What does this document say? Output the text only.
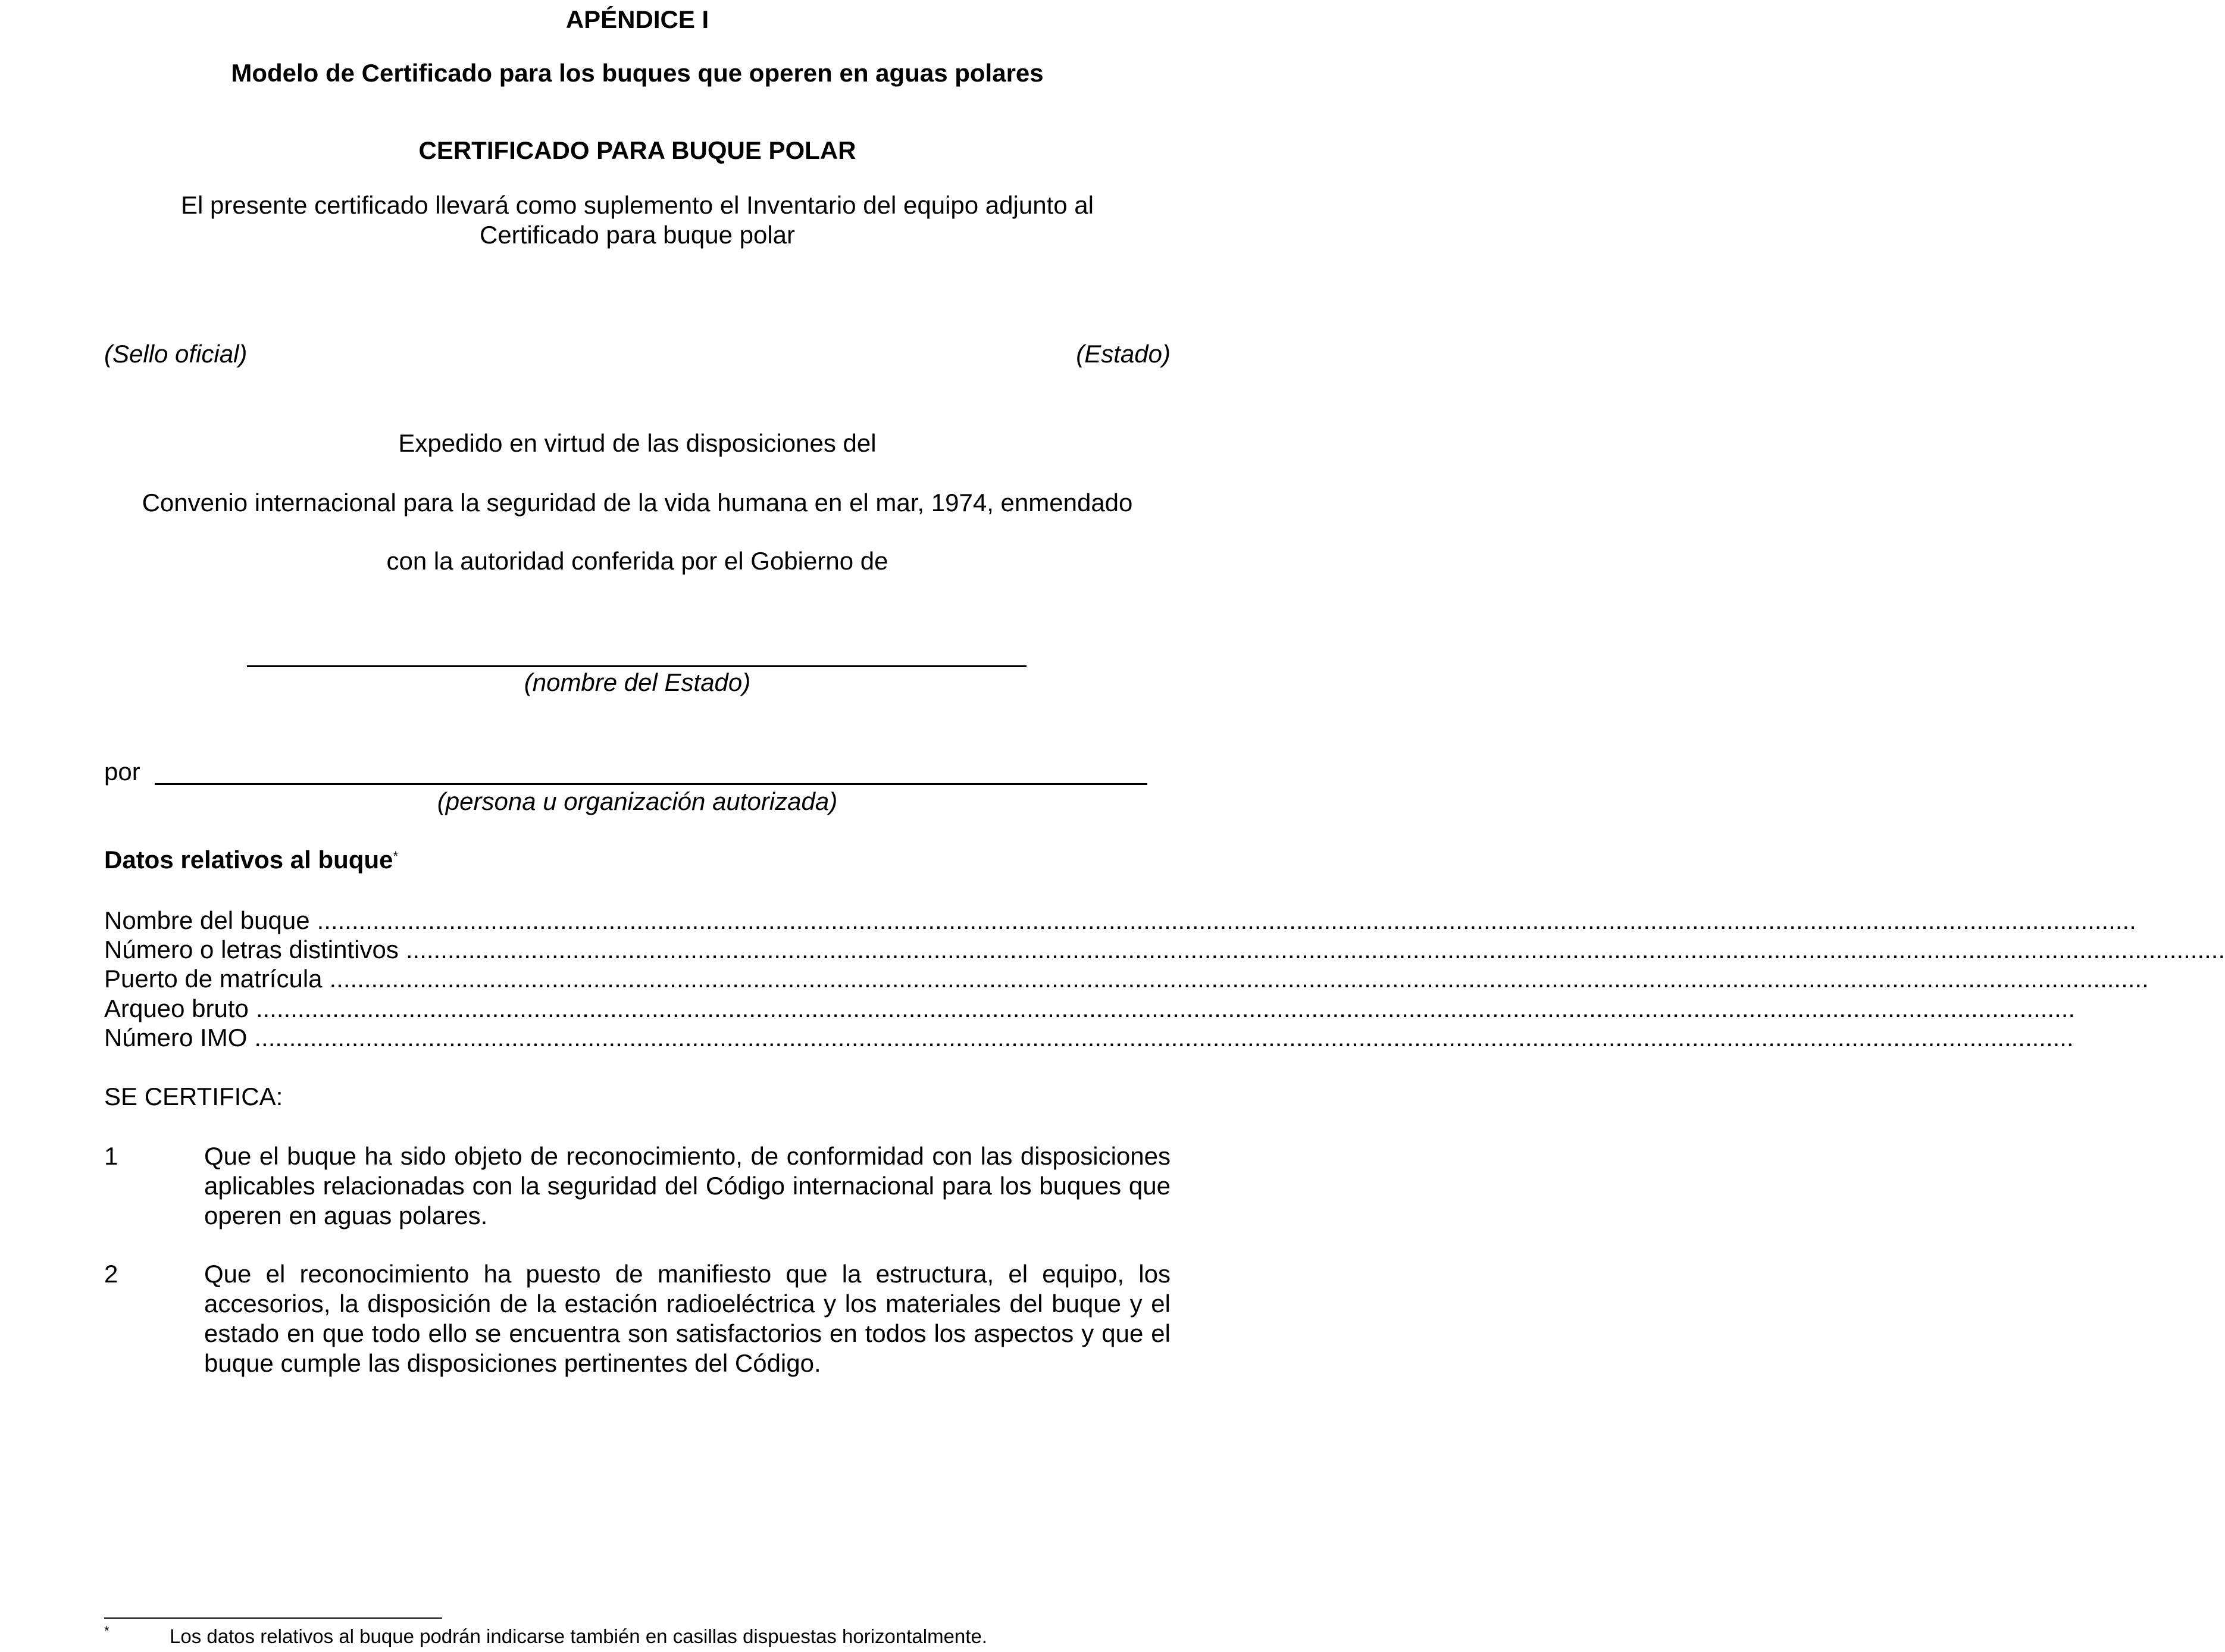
APÉNDICE I

Modelo de Certificado para los buques que operen en aguas polares

CERTIFICADO PARA BUQUE POLAR

El presente certificado llevará como suplemento el Inventario del equipo adjunto al

Certificado para buque polar

(Sello oficial)	(Estado)

Expedido en virtud de las disposiciones del

Convenio internacional para la seguridad de la vida humana en el mar, 1974, enmendado

con la autoridad conferida por el Gobierno de

(nombre del Estado)

por

(persona u organización autorizada)

Datos relativos al buque*

Nombre del buque ......................................................................................................................................................................................................................................................................
Número o letras distintivos ......................................................................................................................................................................................................................................................................
Puerto de matrícula ......................................................................................................................................................................................................................................................................
Arqueo bruto ......................................................................................................................................................................................................................................................................
Número IMO ......................................................................................................................................................................................................................................................................
SE CERTIFICA:
1	Que el buque ha sido objeto de reconocimiento, de conformidad con las disposiciones aplicables relacionadas con la seguridad del Código internacional para los buques que operen en aguas polares.

2	Que el reconocimiento ha puesto de manifiesto que la estructura, el equipo, los accesorios, la disposición de la estación radioeléctrica y los materiales del buque y el estado en que todo ello se encuentra son satisfactorios en todos los aspectos y que el buque cumple las disposiciones pertinentes del Código.

*	Los datos relativos al buque podrán indicarse también en casillas dispuestas horizontalmente.
